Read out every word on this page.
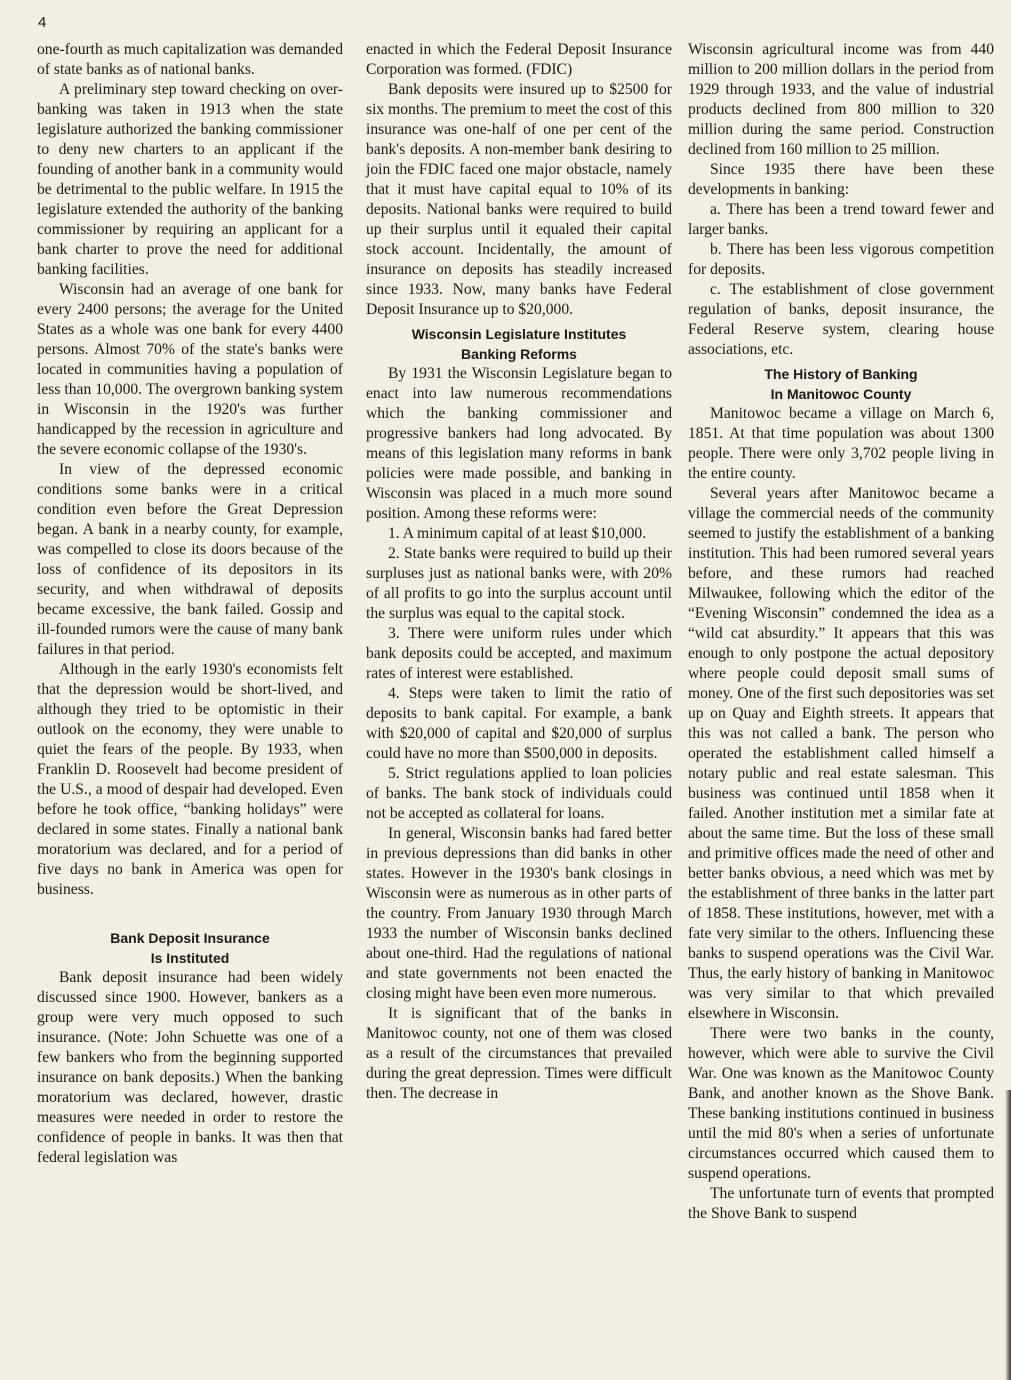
4

one-fourth as much capitalization was demanded of state banks as of national banks.

A preliminary step toward checking on over-banking was taken in 1913 when the state legislature authorized the banking commissioner to deny new charters to an applicant if the founding of another bank in a community would be detrimental to the public welfare. In 1915 the legislature extended the authority of the banking commissioner by requiring an applicant for a bank charter to prove the need for additional banking facilities.

Wisconsin had an average of one bank for every 2400 persons; the average for the United States as a whole was one bank for every 4400 persons. Almost 70% of the state's banks were located in communities having a population of less than 10,000. The overgrown banking system in Wisconsin in the 1920's was further handicapped by the recession in agriculture and the severe economic collapse of the 1930's.

In view of the depressed economic conditions some banks were in a critical condition even before the Great Depression began. A bank in a nearby county, for example, was compelled to close its doors because of the loss of confidence of its depositors in its security, and when withdrawal of deposits became excessive, the bank failed. Gossip and ill-founded rumors were the cause of many bank failures in that period.

Although in the early 1930's economists felt that the depression would be short-lived, and although they tried to be optomistic in their outlook on the economy, they were unable to quiet the fears of the people. By 1933, when Franklin D. Roosevelt had become president of the U.S., a mood of despair had developed. Even before he took office, “banking holidays” were declared in some states. Finally a national bank moratorium was declared, and for a period of five days no bank in America was open for business.

Bank Deposit Insurance
Is Instituted

Bank deposit insurance had been widely discussed since 1900. However, bankers as a group were very much opposed to such insurance. (Note: John Schuette was one of a few bankers who from the beginning supported insurance on bank deposits.) When the banking moratorium was declared, however, drastic measures were needed in order to restore the confidence of people in banks. It was then that federal legislation was

enacted in which the Federal Deposit Insurance Corporation was formed. (FDIC)

Bank deposits were insured up to $2500 for six months. The premium to meet the cost of this insurance was one-half of one per cent of the bank's deposits. A non-member bank desiring to join the FDIC faced one major obstacle, namely that it must have capital equal to 10% of its deposits. National banks were required to build up their surplus until it equaled their capital stock account. Incidentally, the amount of insurance on deposits has steadily increased since 1933. Now, many banks have Federal Deposit Insurance up to $20,000.

Wisconsin Legislature Institutes
Banking Reforms

By 1931 the Wisconsin Legislature began to enact into law numerous recommendations which the banking commissioner and progressive bankers had long advocated. By means of this legislation many reforms in bank policies were made possible, and banking in Wisconsin was placed in a much more sound position. Among these reforms were:

1. A minimum capital of at least $10,000.

2. State banks were required to build up their surpluses just as national banks were, with 20% of all profits to go into the surplus account until the surplus was equal to the capital stock.

3. There were uniform rules under which bank deposits could be accepted, and maximum rates of interest were established.

4. Steps were taken to limit the ratio of deposits to bank capital. For example, a bank with $20,000 of capital and $20,000 of surplus could have no more than $500,000 in deposits.

5. Strict regulations applied to loan policies of banks. The bank stock of individuals could not be accepted as collateral for loans.

In general, Wisconsin banks had fared better in previous depressions than did banks in other states. However in the 1930's bank closings in Wisconsin were as numerous as in other parts of the country. From January 1930 through March 1933 the number of Wisconsin banks declined about one-third. Had the regulations of national and state governments not been enacted the closing might have been even more numerous.

It is significant that of the banks in Manitowoc county, not one of them was closed as a result of the circumstances that prevailed during the great depression. Times were difficult then. The decrease in

Wisconsin agricultural income was from 440 million to 200 million dollars in the period from 1929 through 1933, and the value of industrial products declined from 800 million to 320 million during the same period. Construction declined from 160 million to 25 million.

Since 1935 there have been these developments in banking:

a. There has been a trend toward fewer and larger banks.

b. There has been less vigorous competition for deposits.

c. The establishment of close government regulation of banks, deposit insurance, the Federal Reserve system, clearing house associations, etc.

The History of Banking
In Manitowoc County

Manitowoc became a village on March 6, 1851. At that time population was about 1300 people. There were only 3,702 people living in the entire county.

Several years after Manitowoc became a village the commercial needs of the community seemed to justify the establishment of a banking institution. This had been rumored several years before, and these rumors had reached Milwaukee, following which the editor of the “Evening Wisconsin” condemned the idea as a “wild cat absurdity.” It appears that this was enough to only postpone the actual depository where people could deposit small sums of money. One of the first such depositories was set up on Quay and Eighth streets. It appears that this was not called a bank. The person who operated the establishment called himself a notary public and real estate salesman. This business was continued until 1858 when it failed. Another institution met a similar fate at about the same time. But the loss of these small and primitive offices made the need of other and better banks obvious, a need which was met by the establishment of three banks in the latter part of 1858. These institutions, however, met with a fate very similar to the others. Influencing these banks to suspend operations was the Civil War. Thus, the early history of banking in Manitowoc was very similar to that which prevailed elsewhere in Wisconsin.

There were two banks in the county, however, which were able to survive the Civil War. One was known as the Manitowoc County Bank, and another known as the Shove Bank. These banking institutions continued in business until the mid 80's when a series of unfortunate circumstances occurred which caused them to suspend operations.

The unfortunate turn of events that prompted the Shove Bank to suspend
